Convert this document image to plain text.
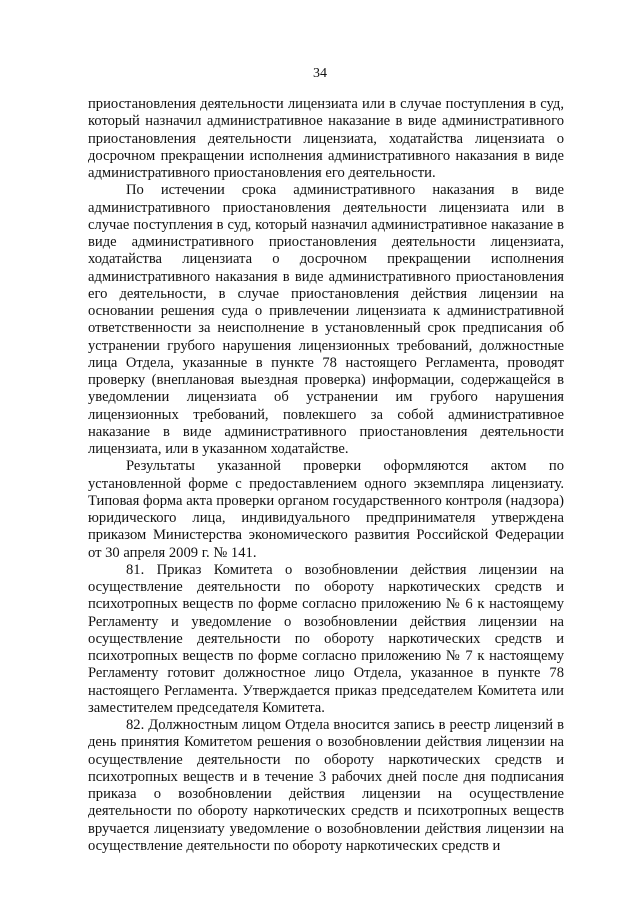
34

приостановления деятельности лицензиата или в случае поступления в суд, который назначил административное наказание в виде административного приостановления деятельности лицензиата, ходатайства лицензиата о досрочном прекращении исполнения административного наказания в виде административного приостановления его деятельности.

По истечении срока административного наказания в виде административного приостановления деятельности лицензиата или в случае поступления в суд, который назначил административное наказание в виде административного приостановления деятельности лицензиата, ходатайства лицензиата о досрочном прекращении исполнения административного наказания в виде административного приостановления его деятельности, в случае приостановления действия лицензии на основании решения суда о привлечении лицензиата к административной ответственности за неисполнение в установленный срок предписания об устранении грубого нарушения лицензионных требований, должностные лица Отдела, указанные в пункте 78 настоящего Регламента, проводят проверку (внеплановая выездная проверка) информации, содержащейся в уведомлении лицензиата об устранении им грубого нарушения лицензионных требований, повлекшего за собой административное наказание в виде административного приостановления деятельности лицензиата, или в указанном ходатайстве.

Результаты указанной проверки оформляются актом по установленной форме с предоставлением одного экземпляра лицензиату. Типовая форма акта проверки органом государственного контроля (надзора) юридического лица, индивидуального предпринимателя утверждена приказом Министерства экономического развития Российской Федерации от 30 апреля 2009 г. № 141.

81. Приказ Комитета о возобновлении действия лицензии на осуществление деятельности по обороту наркотических средств и психотропных веществ по форме согласно приложению № 6 к настоящему Регламенту и уведомление о возобновлении действия лицензии на осуществление деятельности по обороту наркотических средств и психотропных веществ по форме согласно приложению № 7 к настоящему Регламенту готовит должностное лицо Отдела, указанное в пункте 78 настоящего Регламента. Утверждается приказ председателем Комитета или заместителем председателя Комитета.

82. Должностным лицом Отдела вносится запись в реестр лицензий в день принятия Комитетом решения о возобновлении действия лицензии на осуществление деятельности по обороту наркотических средств и психотропных веществ и в течение 3 рабочих дней после дня подписания приказа о возобновлении действия лицензии на осуществление деятельности по обороту наркотических средств и психотропных веществ вручается лицензиату уведомление о возобновлении действия лицензии на осуществление деятельности по обороту наркотических средств и
